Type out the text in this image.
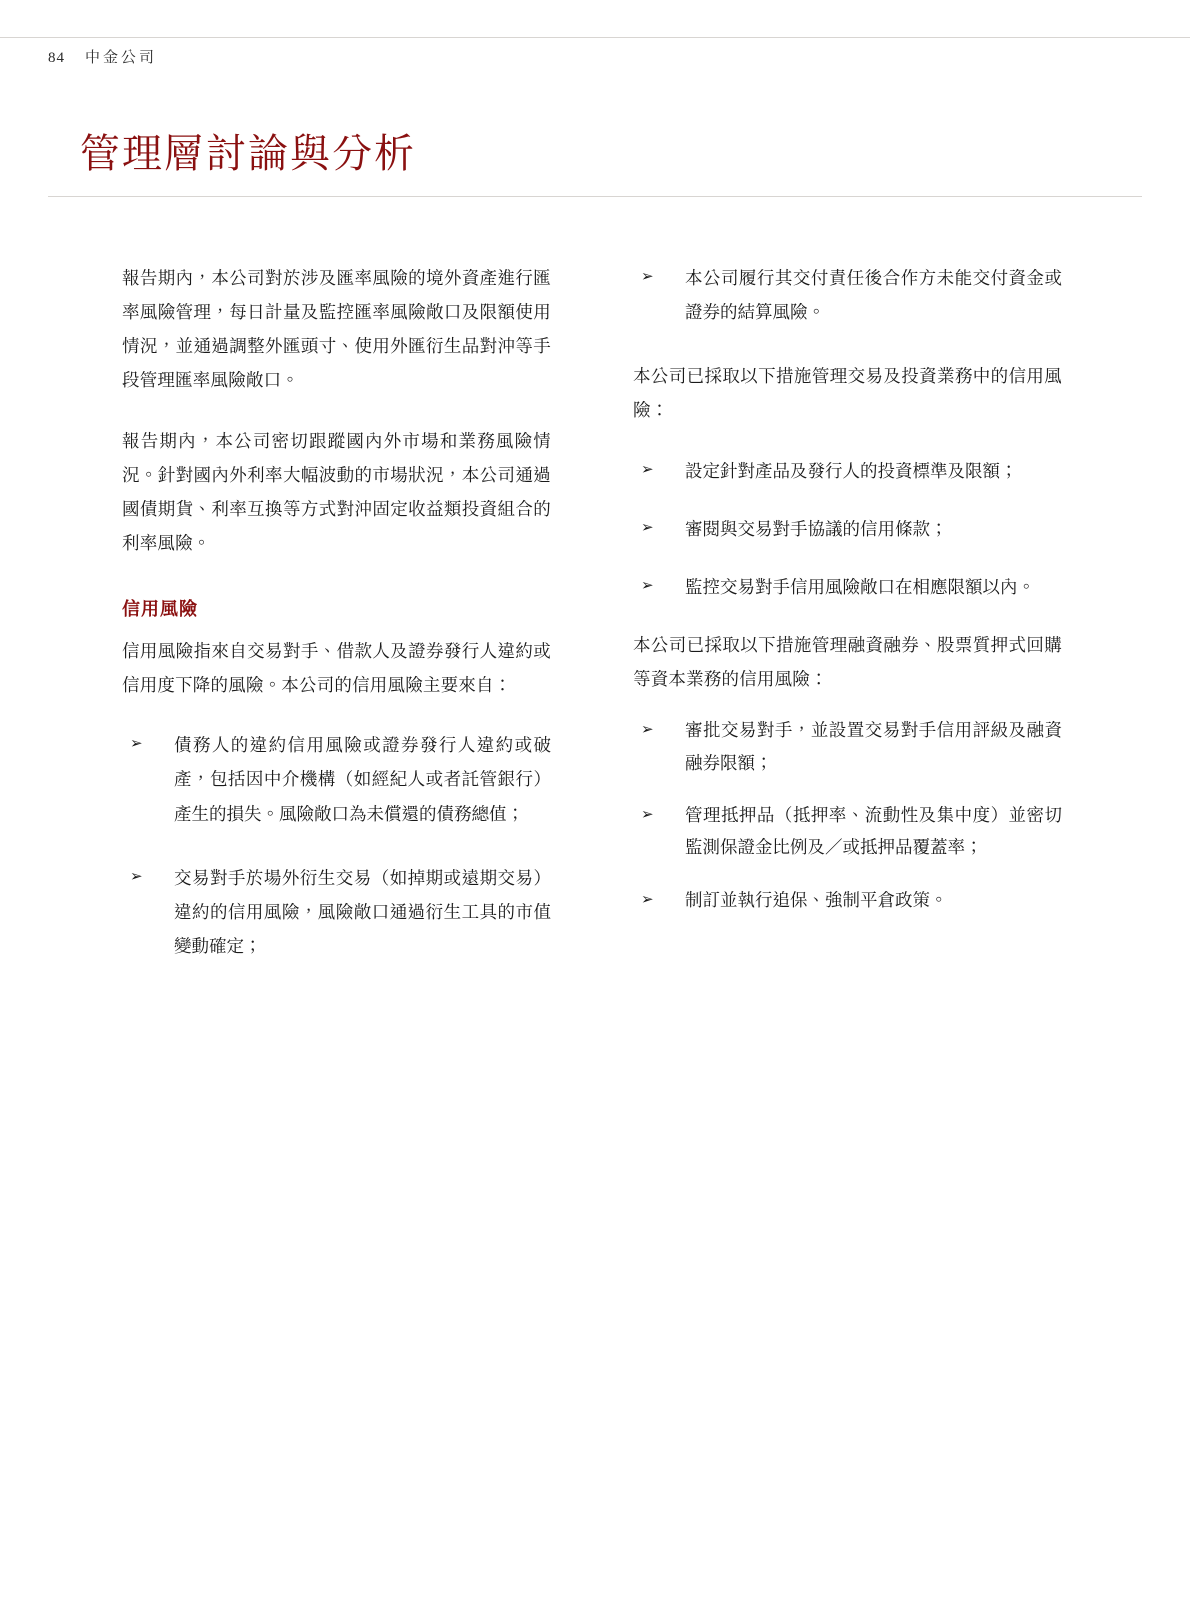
84 中金公司
管理層討論與分析

報告期內，本公司對於涉及匯率風險的境外資產進行匯率風險管理，每日計量及監控匯率風險敞口及限額使用情況，並通過調整外匯頭寸、使用外匯衍生品對沖等手段管理匯率風險敞口。

報告期內，本公司密切跟蹤國內外市場和業務風險情況。針對國內外利率大幅波動的市場狀況，本公司通過國債期貨、利率互換等方式對沖固定收益類投資組合的利率風險。

信用風險

信用風險指來自交易對手、借款人及證券發行人違約或信用度下降的風險。本公司的信用風險主要來自：

➢ 債務人的違約信用風險或證券發行人違約或破產，包括因中介機構（如經紀人或者託管銀行）產生的損失。風險敞口為未償還的債務總值；
➢ 交易對手於場外衍生交易（如掉期或遠期交易）違約的信用風險，風險敞口通過衍生工具的市值變動確定；
➢ 本公司履行其交付責任後合作方未能交付資金或證券的結算風險。

本公司已採取以下措施管理交易及投資業務中的信用風險：

➢ 設定針對產品及發行人的投資標準及限額；
➢ 審閱與交易對手協議的信用條款；
➢ 監控交易對手信用風險敞口在相應限額以內。

本公司已採取以下措施管理融資融券、股票質押式回購等資本業務的信用風險：

➢ 審批交易對手，並設置交易對手信用評級及融資融券限額；
➢ 管理抵押品（抵押率、流動性及集中度）並密切監測保證金比例及／或抵押品覆蓋率；
➢ 制訂並執行追保、強制平倉政策。
